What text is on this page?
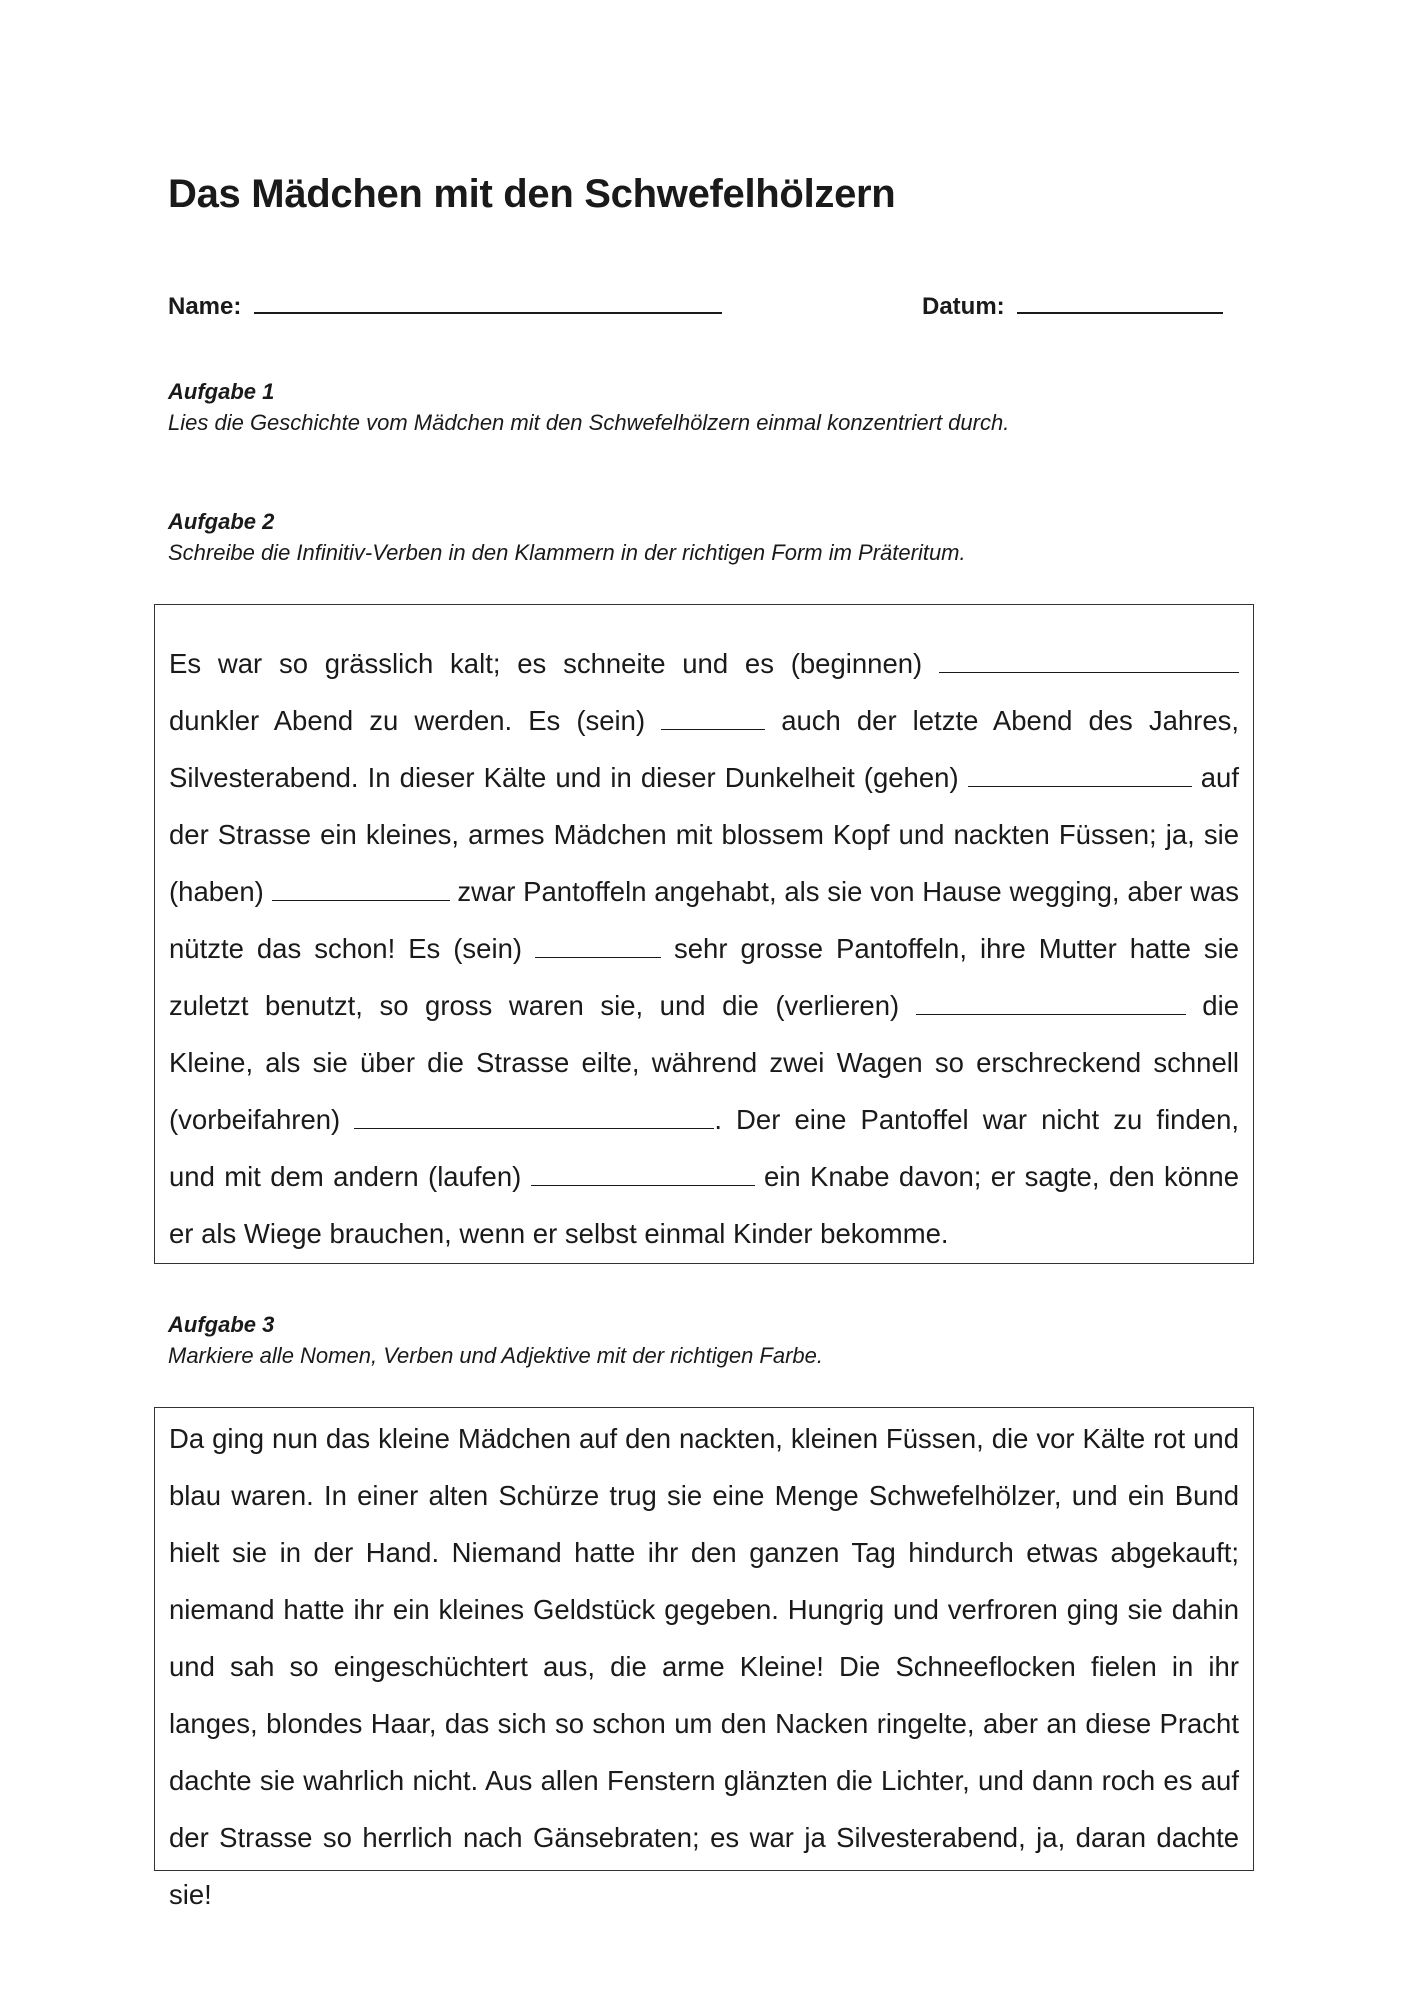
Das Mädchen mit den Schwefelhölzern
Name:	Datum:
Aufgabe 1
Lies die Geschichte vom Mädchen mit den Schwefelhölzern einmal konzentriert durch.
Aufgabe 2
Schreibe die Infinitiv-Verben in den Klammern in der richtigen Form im Präteritum.

Es war so grässlich kalt; es schneite und es (beginnen)  dunkler Abend zu werden. Es (sein)	auch der letzte Abend des Jahres, Silvesterabend. In dieser Kälte und in dieser Dunkelheit (gehen)	auf der Strasse ein kleines, armes Mädchen mit blossem Kopf und nackten Füssen; ja, sie (haben)	zwar Pantoffeln angehabt, als sie von Hause wegging, aber was nützte das schon! Es (sein)	sehr grosse Pantoffeln, ihre Mutter hatte sie zuletzt benutzt, so gross waren sie, und die (verlieren)	die Kleine, als sie über die Strasse eilte, während zwei Wagen so erschreckend schnell (vorbeifahren)	. Der eine Pantoffel war nicht zu finden, und mit dem andern (laufen)	ein Knabe davon; er sagte, den könne er als Wiege brauchen, wenn er selbst einmal Kinder bekomme.

Aufgabe 3
Markiere alle Nomen, Verben und Adjektive mit der richtigen Farbe.

Da ging nun das kleine Mädchen auf den nackten, kleinen Füssen, die vor Kälte rot und blau waren. In einer alten Schürze trug sie eine Menge Schwefelhölzer, und ein Bund hielt sie in der Hand. Niemand hatte ihr den ganzen Tag hindurch etwas abgekauft; niemand hatte ihr ein kleines Geldstück gegeben. Hungrig und verfroren ging sie dahin und sah so eingeschüchtert aus, die arme Kleine! Die Schneeflocken fielen in ihr langes, blondes Haar, das sich so schon um den Nacken ringelte, aber an diese Pracht dachte sie wahrlich nicht. Aus allen Fenstern glänzten die Lichter, und dann roch es auf der Strasse so herrlich nach Gänsebraten; es war ja Silvesterabend, ja, daran dachte sie!
